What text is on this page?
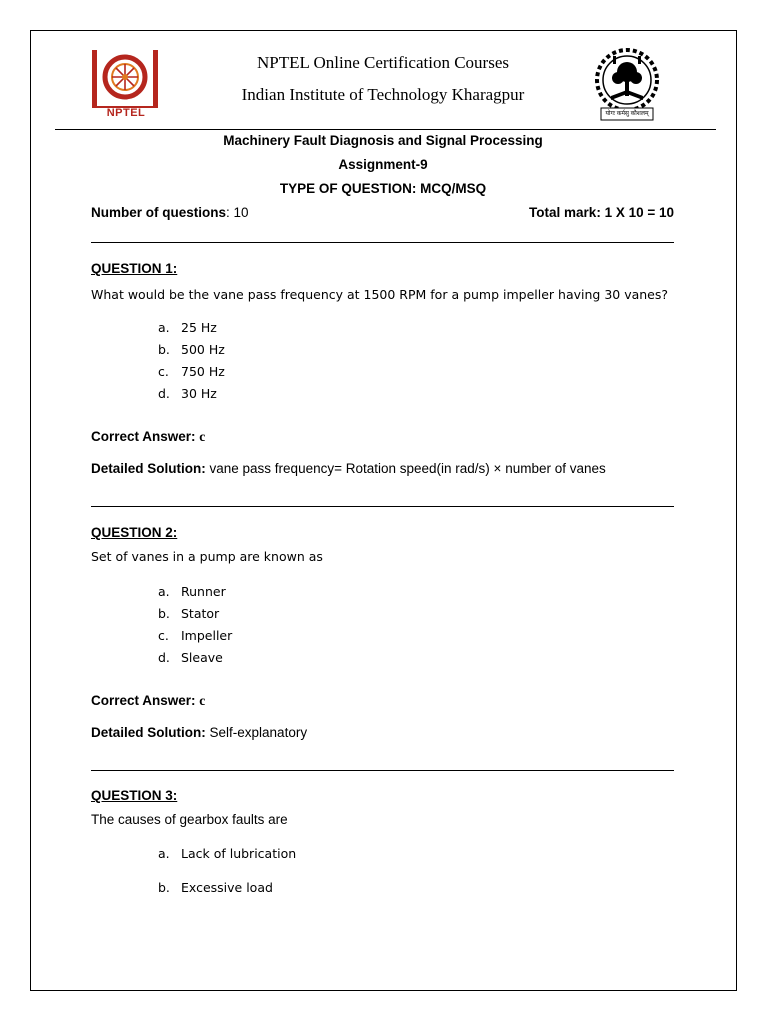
NPTEL
NPTEL Online Certification Courses
Indian Institute of Technology Kharagpur
योगः कर्मसु कौशलम्
Machinery Fault Diagnosis and Signal Processing
Assignment-9
TYPE OF QUESTION: MCQ/MSQ
Number of questions: 10	Total mark: 1 X 10 = 10
QUESTION 1:
What would be the vane pass frequency at 1500 RPM for a pump impeller having 30 vanes?
a. 25 Hz
b. 500 Hz
c. 750 Hz
d. 30 Hz
Correct Answer: c
Detailed Solution: vane pass frequency= Rotation speed(in rad/s) × number of vanes
QUESTION 2:
Set of vanes in a pump are known as
a. Runner
b. Stator
c. Impeller
d. Sleave
Correct Answer: c
Detailed Solution: Self-explanatory
QUESTION 3:
The causes of gearbox faults are
a. Lack of lubrication
b. Excessive load
